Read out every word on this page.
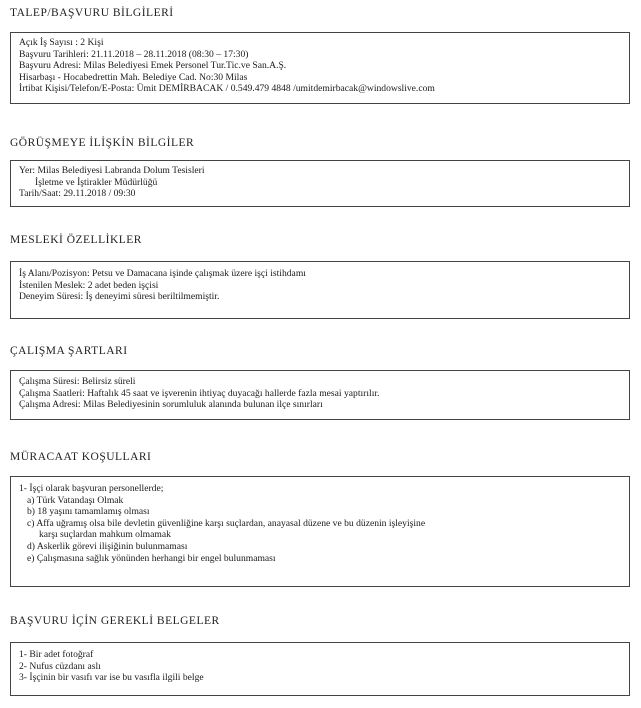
TALEP/BAŞVURU BİLGİLERİ
Açık İş Sayısı : 2 Kişi
Başvuru Tarihleri: 21.11.2018 – 28.11.2018 (08:30 – 17:30)
Başvuru Adresi: Milas Belediyesi Emek Personel Tur.Tic.ve San.A.Ş.
Hisarbaşı - Hocabedrettin Mah. Belediye Cad. No:30 Milas
İrtibat Kişisi/Telefon/E-Posta: Ümit DEMİRBACAK / 0.549.479 4848 /umitdemirbacak@windowslive.com
GÖRÜŞMEYE İLİŞKİN BİLGİLER
Yer: Milas Belediyesi Labranda Dolum Tesisleri
İşletme ve İştirakler Müdürlüğü
Tarih/Saat: 29.11.2018 / 09:30
MESLEKİ ÖZELLİKLER
İş Alanı/Pozisyon: Petsu ve Damacana işinde çalışmak üzere işçi istihdamı
İstenilen Meslek: 2 adet beden işçisi
Deneyim Süresi: İş deneyimi süresi beriltilmemiştir.
ÇALIŞMA ŞARTLARI
Çalışma Süresi: Belirsiz süreli
Çalışma Saatleri: Haftalık 45 saat ve işverenin ihtiyaç duyacağı hallerde fazla mesai yaptırılır.
Çalışma Adresi: Milas Belediyesinin sorumluluk alanında bulunan ilçe sınırları
MÜRACAAT KOŞULLARI
1- İşçi olarak başvuran personellerde;
a) Türk Vatandaşı Olmak
b) 18 yaşını tamamlamış olması
c) Affa uğramış olsa bile devletin güvenliğine karşı suçlardan, anayasal düzene ve bu düzenin işleyişine
karşı suçlardan mahkum olmamak
d) Askerlik görevi ilişiğinin bulunmaması
e) Çalışmasına sağlık yönünden herhangi bir engel bulunmaması
BAŞVURU İÇİN GEREKLİ BELGELER
1- Bir adet fotoğraf
2- Nufus cüzdanı aslı
3- İşçinin bir vasıfı var ise bu vasıfla ilgili belge
